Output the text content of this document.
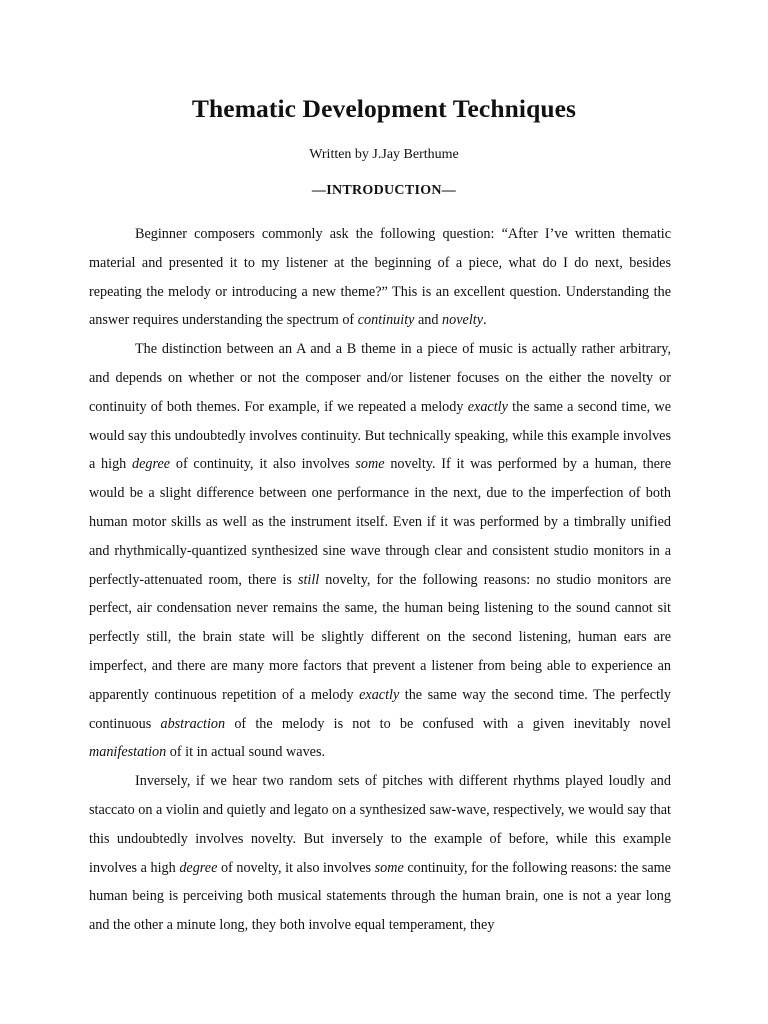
Thematic Development Techniques

Written by J.Jay Berthume

—INTRODUCTION—

Beginner composers commonly ask the following question: “After I’ve written thematic material and presented it to my listener at the beginning of a piece, what do I do next, besides repeating the melody or introducing a new theme?” This is an excellent question. Understanding the answer requires understanding the spectrum of continuity and novelty.

The distinction between an A and a B theme in a piece of music is actually rather arbitrary, and depends on whether or not the composer and/or listener focuses on the either the novelty or continuity of both themes. For example, if we repeated a melody exactly the same a second time, we would say this undoubtedly involves continuity. But technically speaking, while this example involves a high degree of continuity, it also involves some novelty. If it was performed by a human, there would be a slight difference between one performance in the next, due to the imperfection of both human motor skills as well as the instrument itself. Even if it was performed by a timbrally unified and rhythmically-quantized synthesized sine wave through clear and consistent studio monitors in a perfectly-attenuated room, there is still novelty, for the following reasons: no studio monitors are perfect, air condensation never remains the same, the human being listening to the sound cannot sit perfectly still, the brain state will be slightly different on the second listening, human ears are imperfect, and there are many more factors that prevent a listener from being able to experience an apparently continuous repetition of a melody exactly the same way the second time. The perfectly continuous abstraction of the melody is not to be confused with a given inevitably novel manifestation of it in actual sound waves.

Inversely, if we hear two random sets of pitches with different rhythms played loudly and staccato on a violin and quietly and legato on a synthesized saw-wave, respectively, we would say that this undoubtedly involves novelty. But inversely to the example of before, while this example involves a high degree of novelty, it also involves some continuity, for the following reasons: the same human being is perceiving both musical statements through the human brain, one is not a year long and the other a minute long, they both involve equal temperament, they
